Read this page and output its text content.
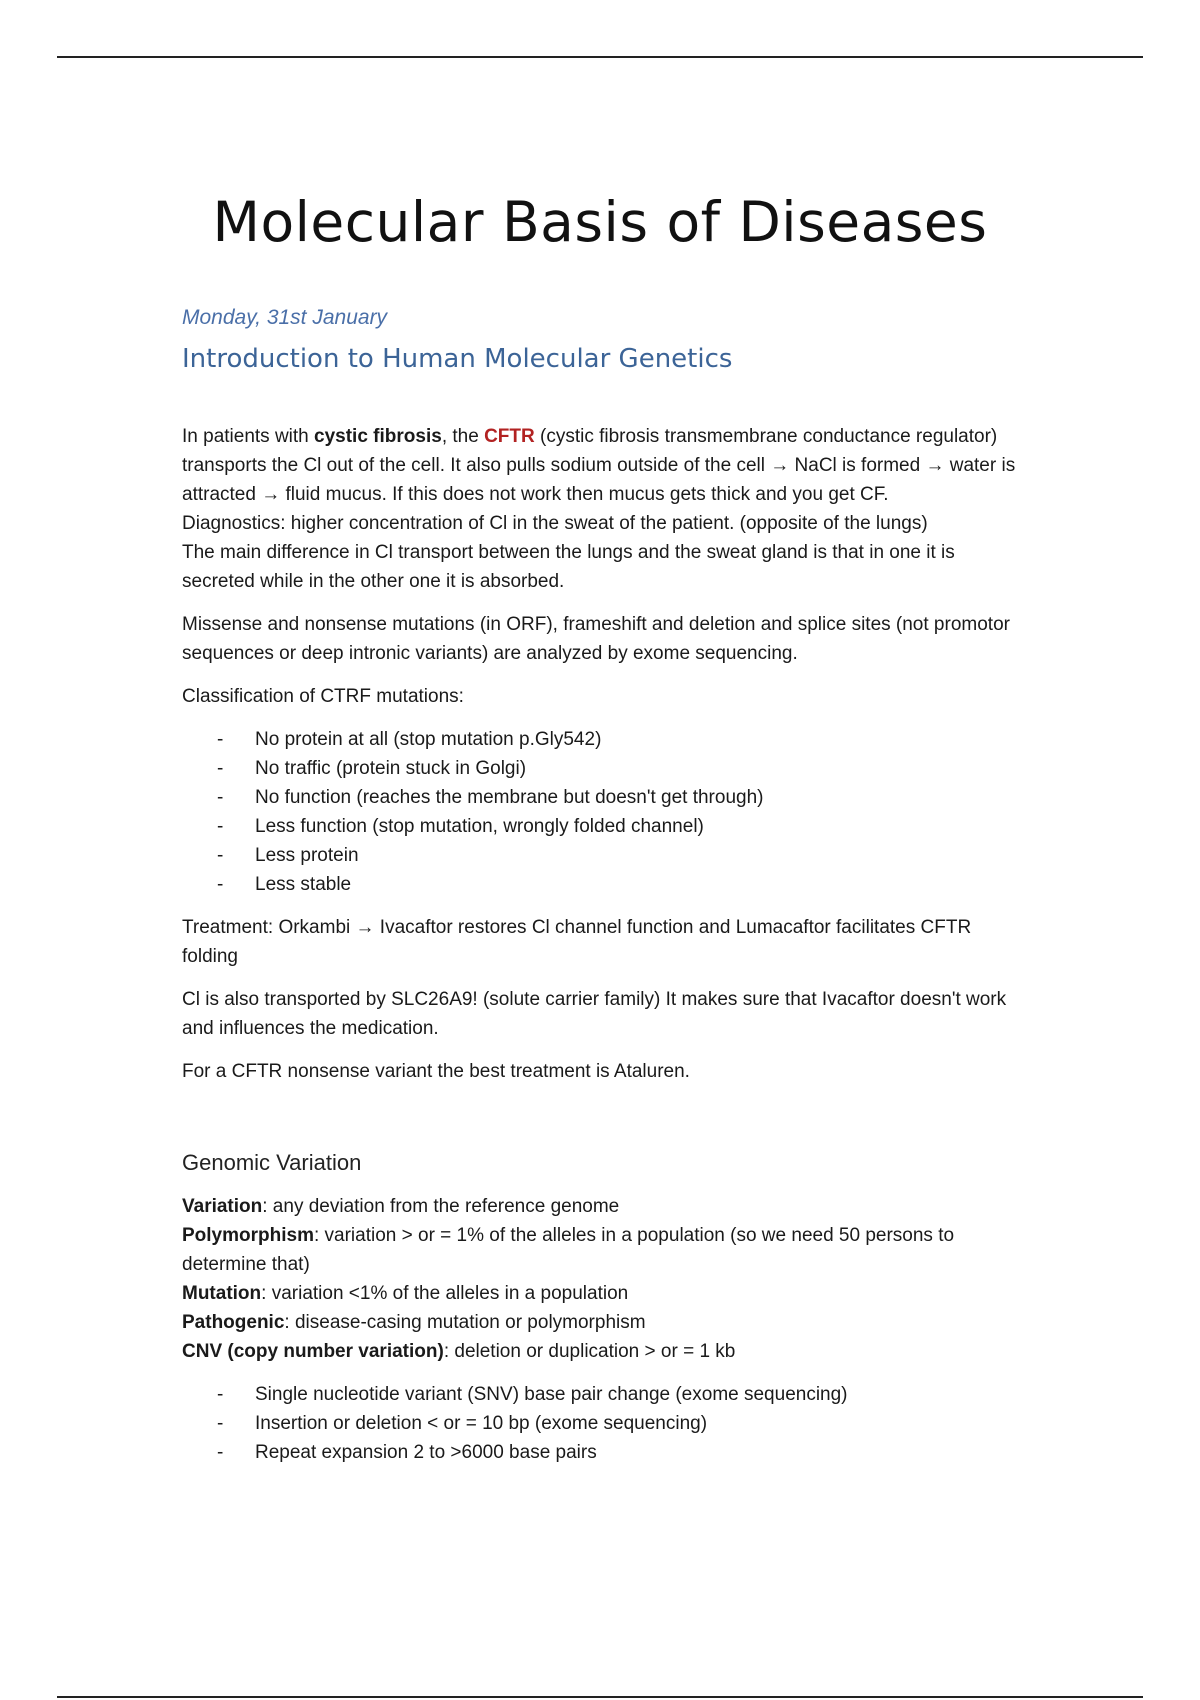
Molecular Basis of Diseases
Monday, 31st January
Introduction to Human Molecular Genetics

In patients with cystic fibrosis, the CFTR (cystic fibrosis transmembrane conductance regulator) transports the Cl out of the cell. It also pulls sodium outside of the cell → NaCl is formed → water is attracted → fluid mucus. If this does not work then mucus gets thick and you get CF.

Diagnostics: higher concentration of Cl in the sweat of the patient. (opposite of the lungs)

The main difference in Cl transport between the lungs and the sweat gland is that in one it is secreted while in the other one it is absorbed.

Missense and nonsense mutations (in ORF), frameshift and deletion and splice sites (not promotor sequences or deep intronic variants) are analyzed by exome sequencing.

Classification of CTRF mutations:

- No protein at all (stop mutation p.Gly542)
- No traffic (protein stuck in Golgi)
- No function (reaches the membrane but doesn't get through)
- Less function (stop mutation, wrongly folded channel)
- Less protein
- Less stable

Treatment: Orkambi → Ivacaftor restores Cl channel function and Lumacaftor facilitates CFTR folding

Cl is also transported by SLC26A9! (solute carrier family) It makes sure that Ivacaftor doesn't work and influences the medication.

For a CFTR nonsense variant the best treatment is Ataluren.

Genomic Variation

Variation: any deviation from the reference genome

Polymorphism: variation > or = 1% of the alleles in a population (so we need 50 persons to determine that)

Mutation: variation <1% of the alleles in a population

Pathogenic: disease-casing mutation or polymorphism

CNV (copy number variation): deletion or duplication > or = 1 kb

- Single nucleotide variant (SNV) base pair change (exome sequencing)
- Insertion or deletion < or = 10 bp (exome sequencing)
- Repeat expansion 2 to >6000 base pairs
